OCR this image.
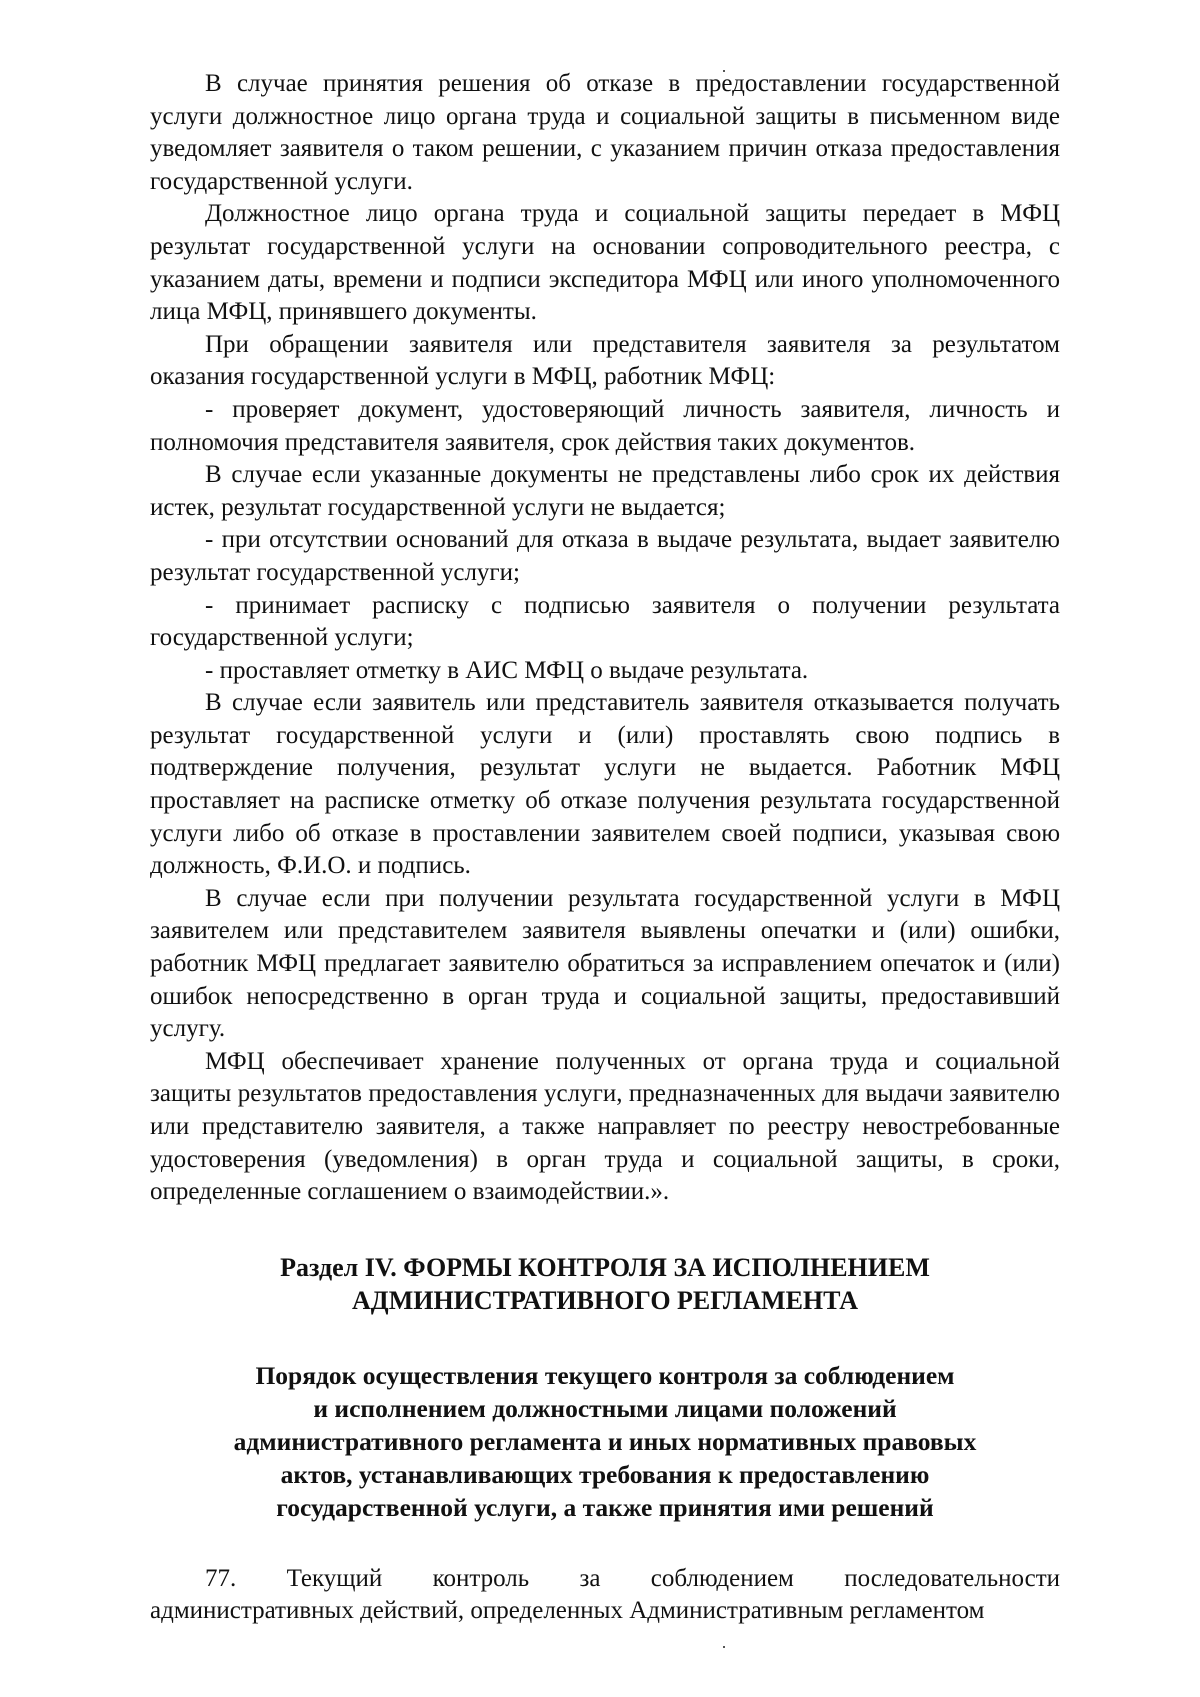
В случае принятия решения об отказе в предоставлении государственной услуги должностное лицо органа труда и социальной защиты в письменном виде уведомляет заявителя о таком решении, с указанием причин отказа предоставления государственной услуги.

Должностное лицо органа труда и социальной защиты передает в МФЦ результат государственной услуги на основании сопроводительного реестра, с указанием даты, времени и подписи экспедитора МФЦ или иного уполномоченного лица МФЦ, принявшего документы.

При обращении заявителя или представителя заявителя за результатом оказания государственной услуги в МФЦ, работник МФЦ:

- проверяет документ, удостоверяющий личность заявителя, личность и полномочия представителя заявителя, срок действия таких документов.

В случае если указанные документы не представлены либо срок их действия истек, результат государственной услуги не выдается;

- при отсутствии оснований для отказа в выдаче результата, выдает заявителю результат государственной услуги;

- принимает расписку с подписью заявителя о получении результата государственной услуги;

- проставляет отметку в АИС МФЦ о выдаче результата.

В случае если заявитель или представитель заявителя отказывается получать результат государственной услуги и (или) проставлять свою подпись в подтверждение получения, результат услуги не выдается. Работник МФЦ проставляет на расписке отметку об отказе получения результата государственной услуги либо об отказе в проставлении заявителем своей подписи, указывая свою должность, Ф.И.О. и подпись.

В случае если при получении результата государственной услуги в МФЦ заявителем или представителем заявителя выявлены опечатки и (или) ошибки, работник МФЦ предлагает заявителю обратиться за исправлением опечаток и (или) ошибок непосредственно в орган труда и социальной защиты, предоставивший услугу.

МФЦ обеспечивает хранение полученных от органа труда и социальной защиты результатов предоставления услуги, предназначенных для выдачи заявителю или представителю заявителя, а также направляет по реестру невостребованные удостоверения (уведомления) в орган труда и социальной защиты, в сроки, определенные соглашением о взаимодействии.».

Раздел IV. ФОРМЫ КОНТРОЛЯ ЗА ИСПОЛНЕНИЕМ
АДМИНИСТРАТИВНОГО РЕГЛАМЕНТА
Порядок осуществления текущего контроля за соблюдением
и исполнением должностными лицами положений
административного регламента и иных нормативных правовых
актов, устанавливающих требования к предоставлению
государственной услуги, а также принятия ими решений
77. Текущий контроль за соблюдением последовательности
административных действий, определенных Административным регламентом
